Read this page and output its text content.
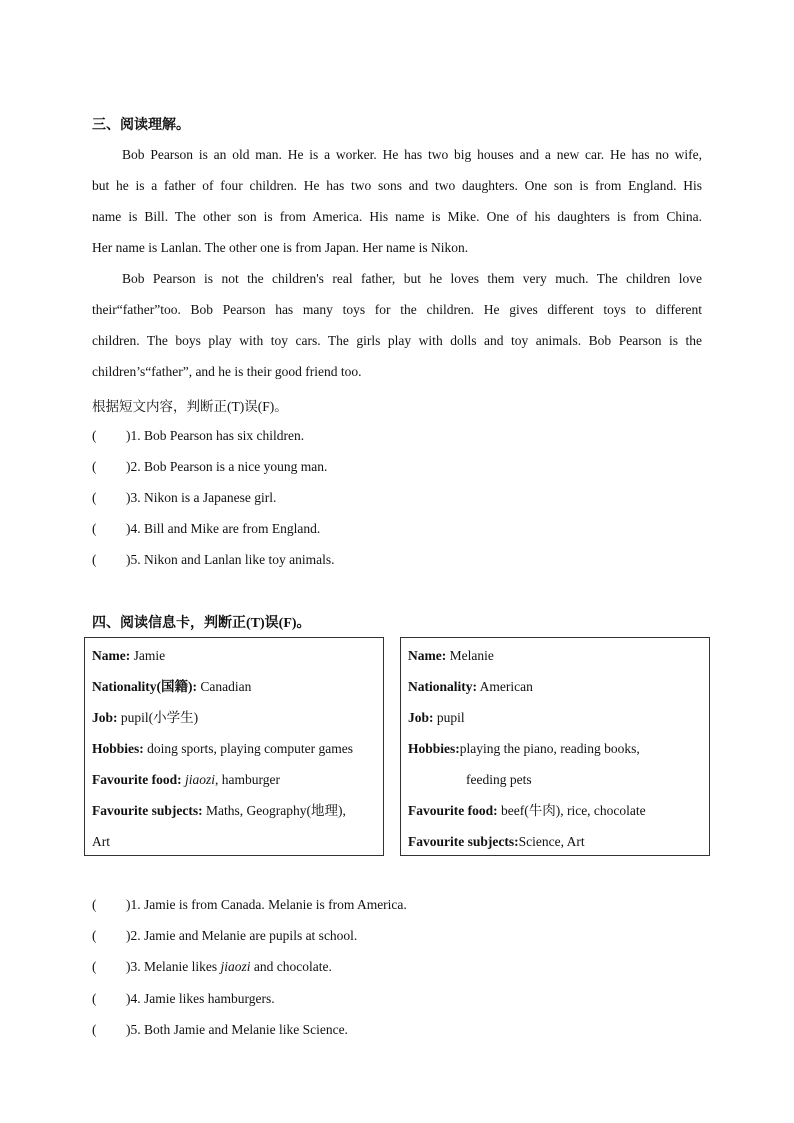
三、阅读理解。
Bob Pearson is an old man. He is a worker. He has two big houses and a new car. He has no wife,
but he is a father of four children. He has two sons and two daughters. One son is from England. His
name is Bill. The other son is from America. His name is Mike. One of his daughters is from China.
Her name is Lanlan. The other one is from Japan. Her name is Nikon.
Bob Pearson is not the children's real father, but he loves them very much. The children love
their“father”too. Bob Pearson has many toys for the children. He gives different toys to different
children. The boys play with toy cars. The girls play with dolls and toy animals. Bob Pearson is the
children’s“father”, and he is their good friend too.
根据短文内容，判断正(T)误(F)。
( )1. Bob Pearson has six children.
( )2. Bob Pearson is a nice young man.
( )3. Nikon is a Japanese girl.
( )4. Bill and Mike are from England.
( )5. Nikon and Lanlan like toy animals.
四、阅读信息卡，判断正(T)误(F)。
Name: Jamie
Nationality(国籍): Canadian
Job: pupil(小学生)
Hobbies: doing sports, playing computer games
Favourite food: jiaozi, hamburger
Favourite subjects: Maths, Geography(地理),
Art
Name: Melanie
Nationality: American
Job: pupil
Hobbies:playing the piano, reading books,
feeding pets
Favourite food: beef(牛肉), rice, chocolate
Favourite subjects:Science, Art
( )1. Jamie is from Canada. Melanie is from America.
( )2. Jamie and Melanie are pupils at school.
( )3. Melanie likes jiaozi and chocolate.
( )4. Jamie likes hamburgers.
( )5. Both Jamie and Melanie like Science.
